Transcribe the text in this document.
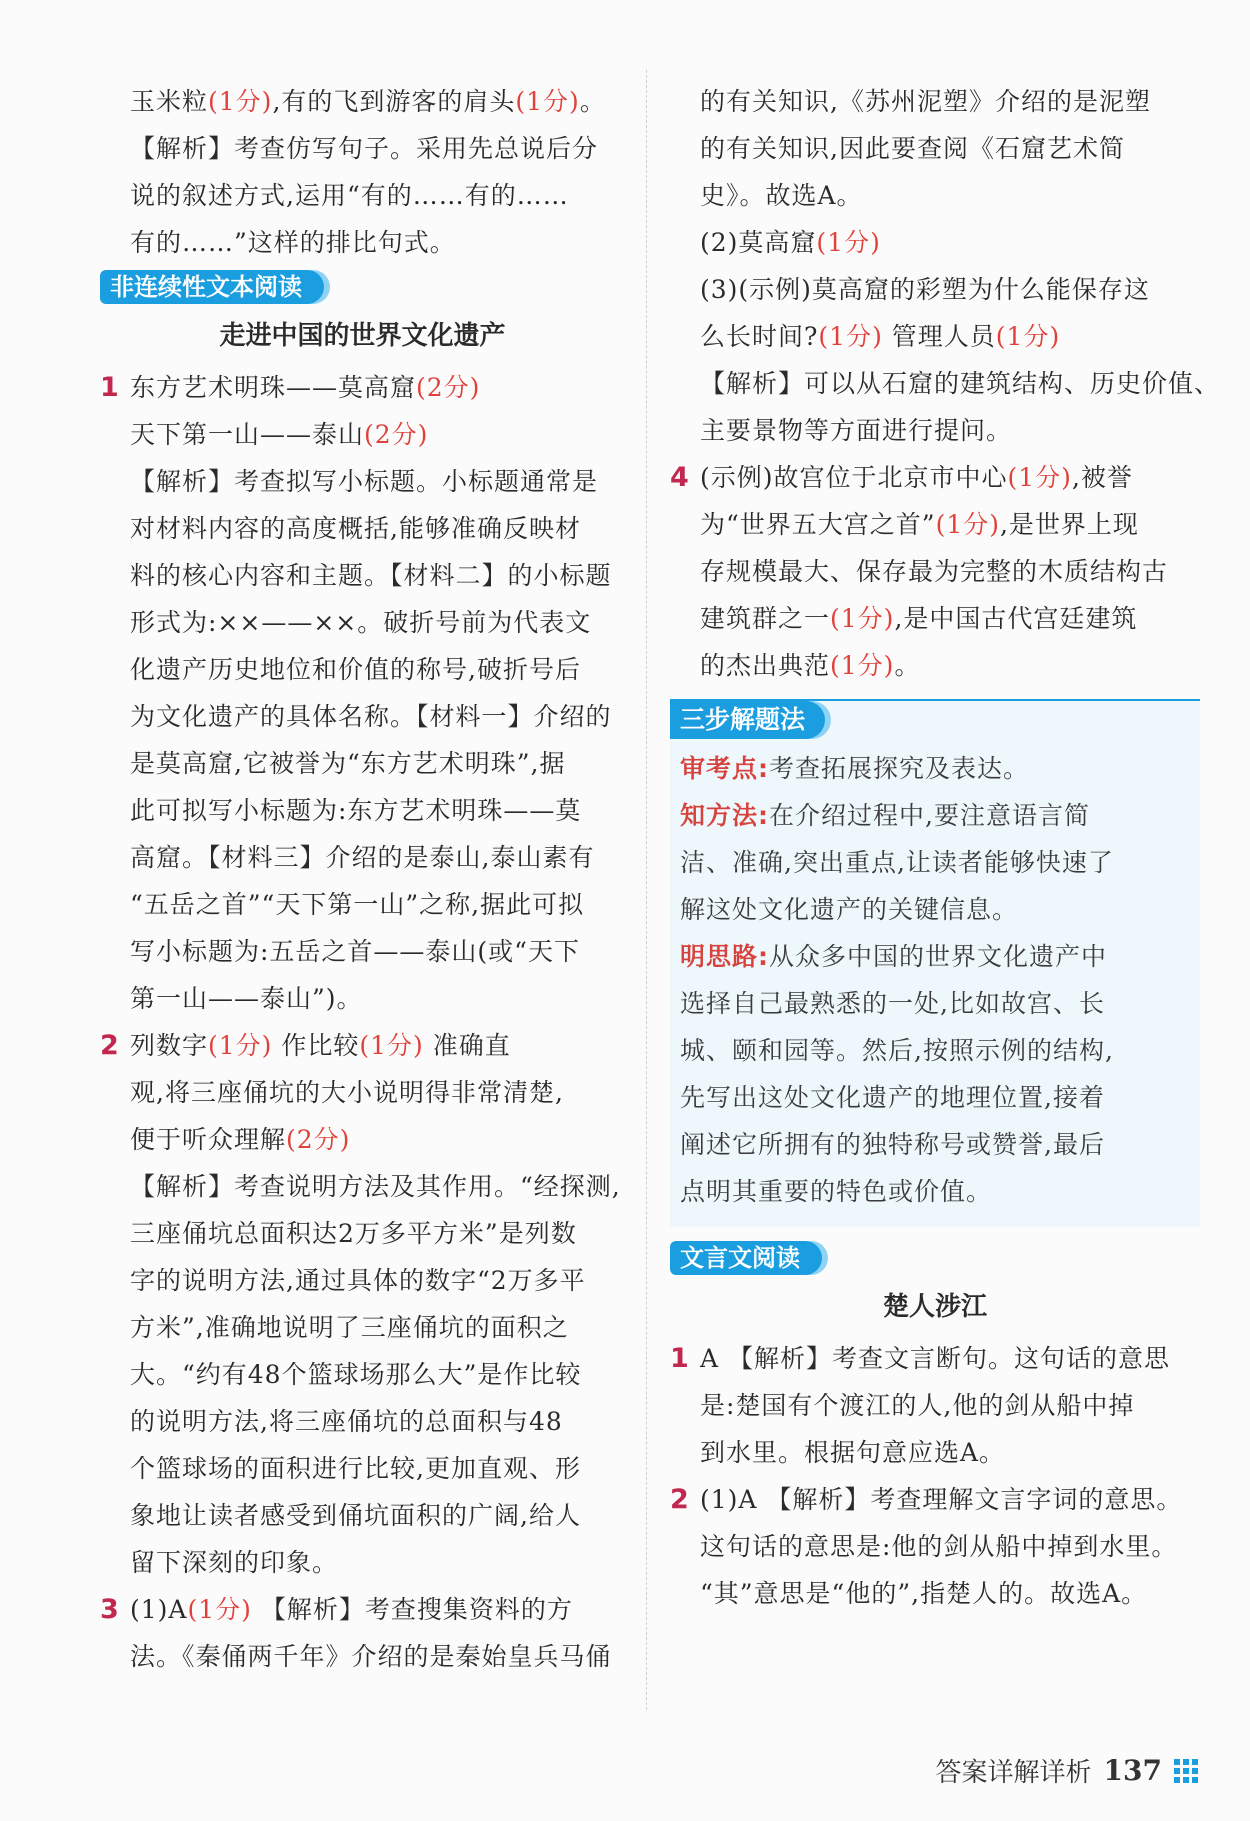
玉米粒(1分),有的飞到游客的肩头(1分)。
【解析】考查仿写句子。采用先总说后分
说的叙述方式,运用“有的……有的……
有的……”这样的排比句式。
非连续性文本阅读
走进中国的世界文化遗产
1 东方艺术明珠——莫高窟(2分)
天下第一山——泰山(2分)
【解析】考查拟写小标题。小标题通常是
对材料内容的高度概括,能够准确反映材
料的核心内容和主题。【材料二】的小标题
形式为:××——××。破折号前为代表文
化遗产历史地位和价值的称号,破折号后
为文化遗产的具体名称。【材料一】介绍的
是莫高窟,它被誉为“东方艺术明珠”,据
此可拟写小标题为:东方艺术明珠——莫
高窟。【材料三】介绍的是泰山,泰山素有
“五岳之首”“天下第一山”之称,据此可拟
写小标题为:五岳之首——泰山(或“天下
第一山——泰山”)。
2 列数字(1分) 作比较(1分) 准确直
观,将三座俑坑的大小说明得非常清楚,
便于听众理解(2分)
【解析】考查说明方法及其作用。“经探测,
三座俑坑总面积达2万多平方米”是列数
字的说明方法,通过具体的数字“2万多平
方米”,准确地说明了三座俑坑的面积之
大。“约有48个篮球场那么大”是作比较
的说明方法,将三座俑坑的总面积与48
个篮球场的面积进行比较,更加直观、形
象地让读者感受到俑坑面积的广阔,给人
留下深刻的印象。
3 (1)A(1分) 【解析】考查搜集资料的方
法。《秦俑两千年》介绍的是秦始皇兵马俑
的有关知识,《苏州泥塑》介绍的是泥塑
的有关知识,因此要查阅《石窟艺术简
史》。故选A。
(2)莫高窟(1分)
(3)(示例)莫高窟的彩塑为什么能保存这
么长时间?(1分) 管理人员(1分)
【解析】可以从石窟的建筑结构、历史价值、
主要景物等方面进行提问。
4 (示例)故宫位于北京市中心(1分),被誉
为“世界五大宫之首”(1分),是世界上现
存规模最大、保存最为完整的木质结构古
建筑群之一(1分),是中国古代宫廷建筑
的杰出典范(1分)。
三步解题法
审考点:考查拓展探究及表达。
知方法:在介绍过程中,要注意语言简
洁、准确,突出重点,让读者能够快速了
解这处文化遗产的关键信息。
明思路:从众多中国的世界文化遗产中
选择自己最熟悉的一处,比如故宫、长
城、颐和园等。然后,按照示例的结构,
先写出这处文化遗产的地理位置,接着
阐述它所拥有的独特称号或赞誉,最后
点明其重要的特色或价值。
文言文阅读
楚人涉江
1 A 【解析】考查文言断句。这句话的意思
是:楚国有个渡江的人,他的剑从船中掉
到水里。根据句意应选A。
2 (1)A 【解析】考查理解文言字词的意思。
这句话的意思是:他的剑从船中掉到水里。
“其”意思是“他的”,指楚人的。故选A。
答案详解详析 137
